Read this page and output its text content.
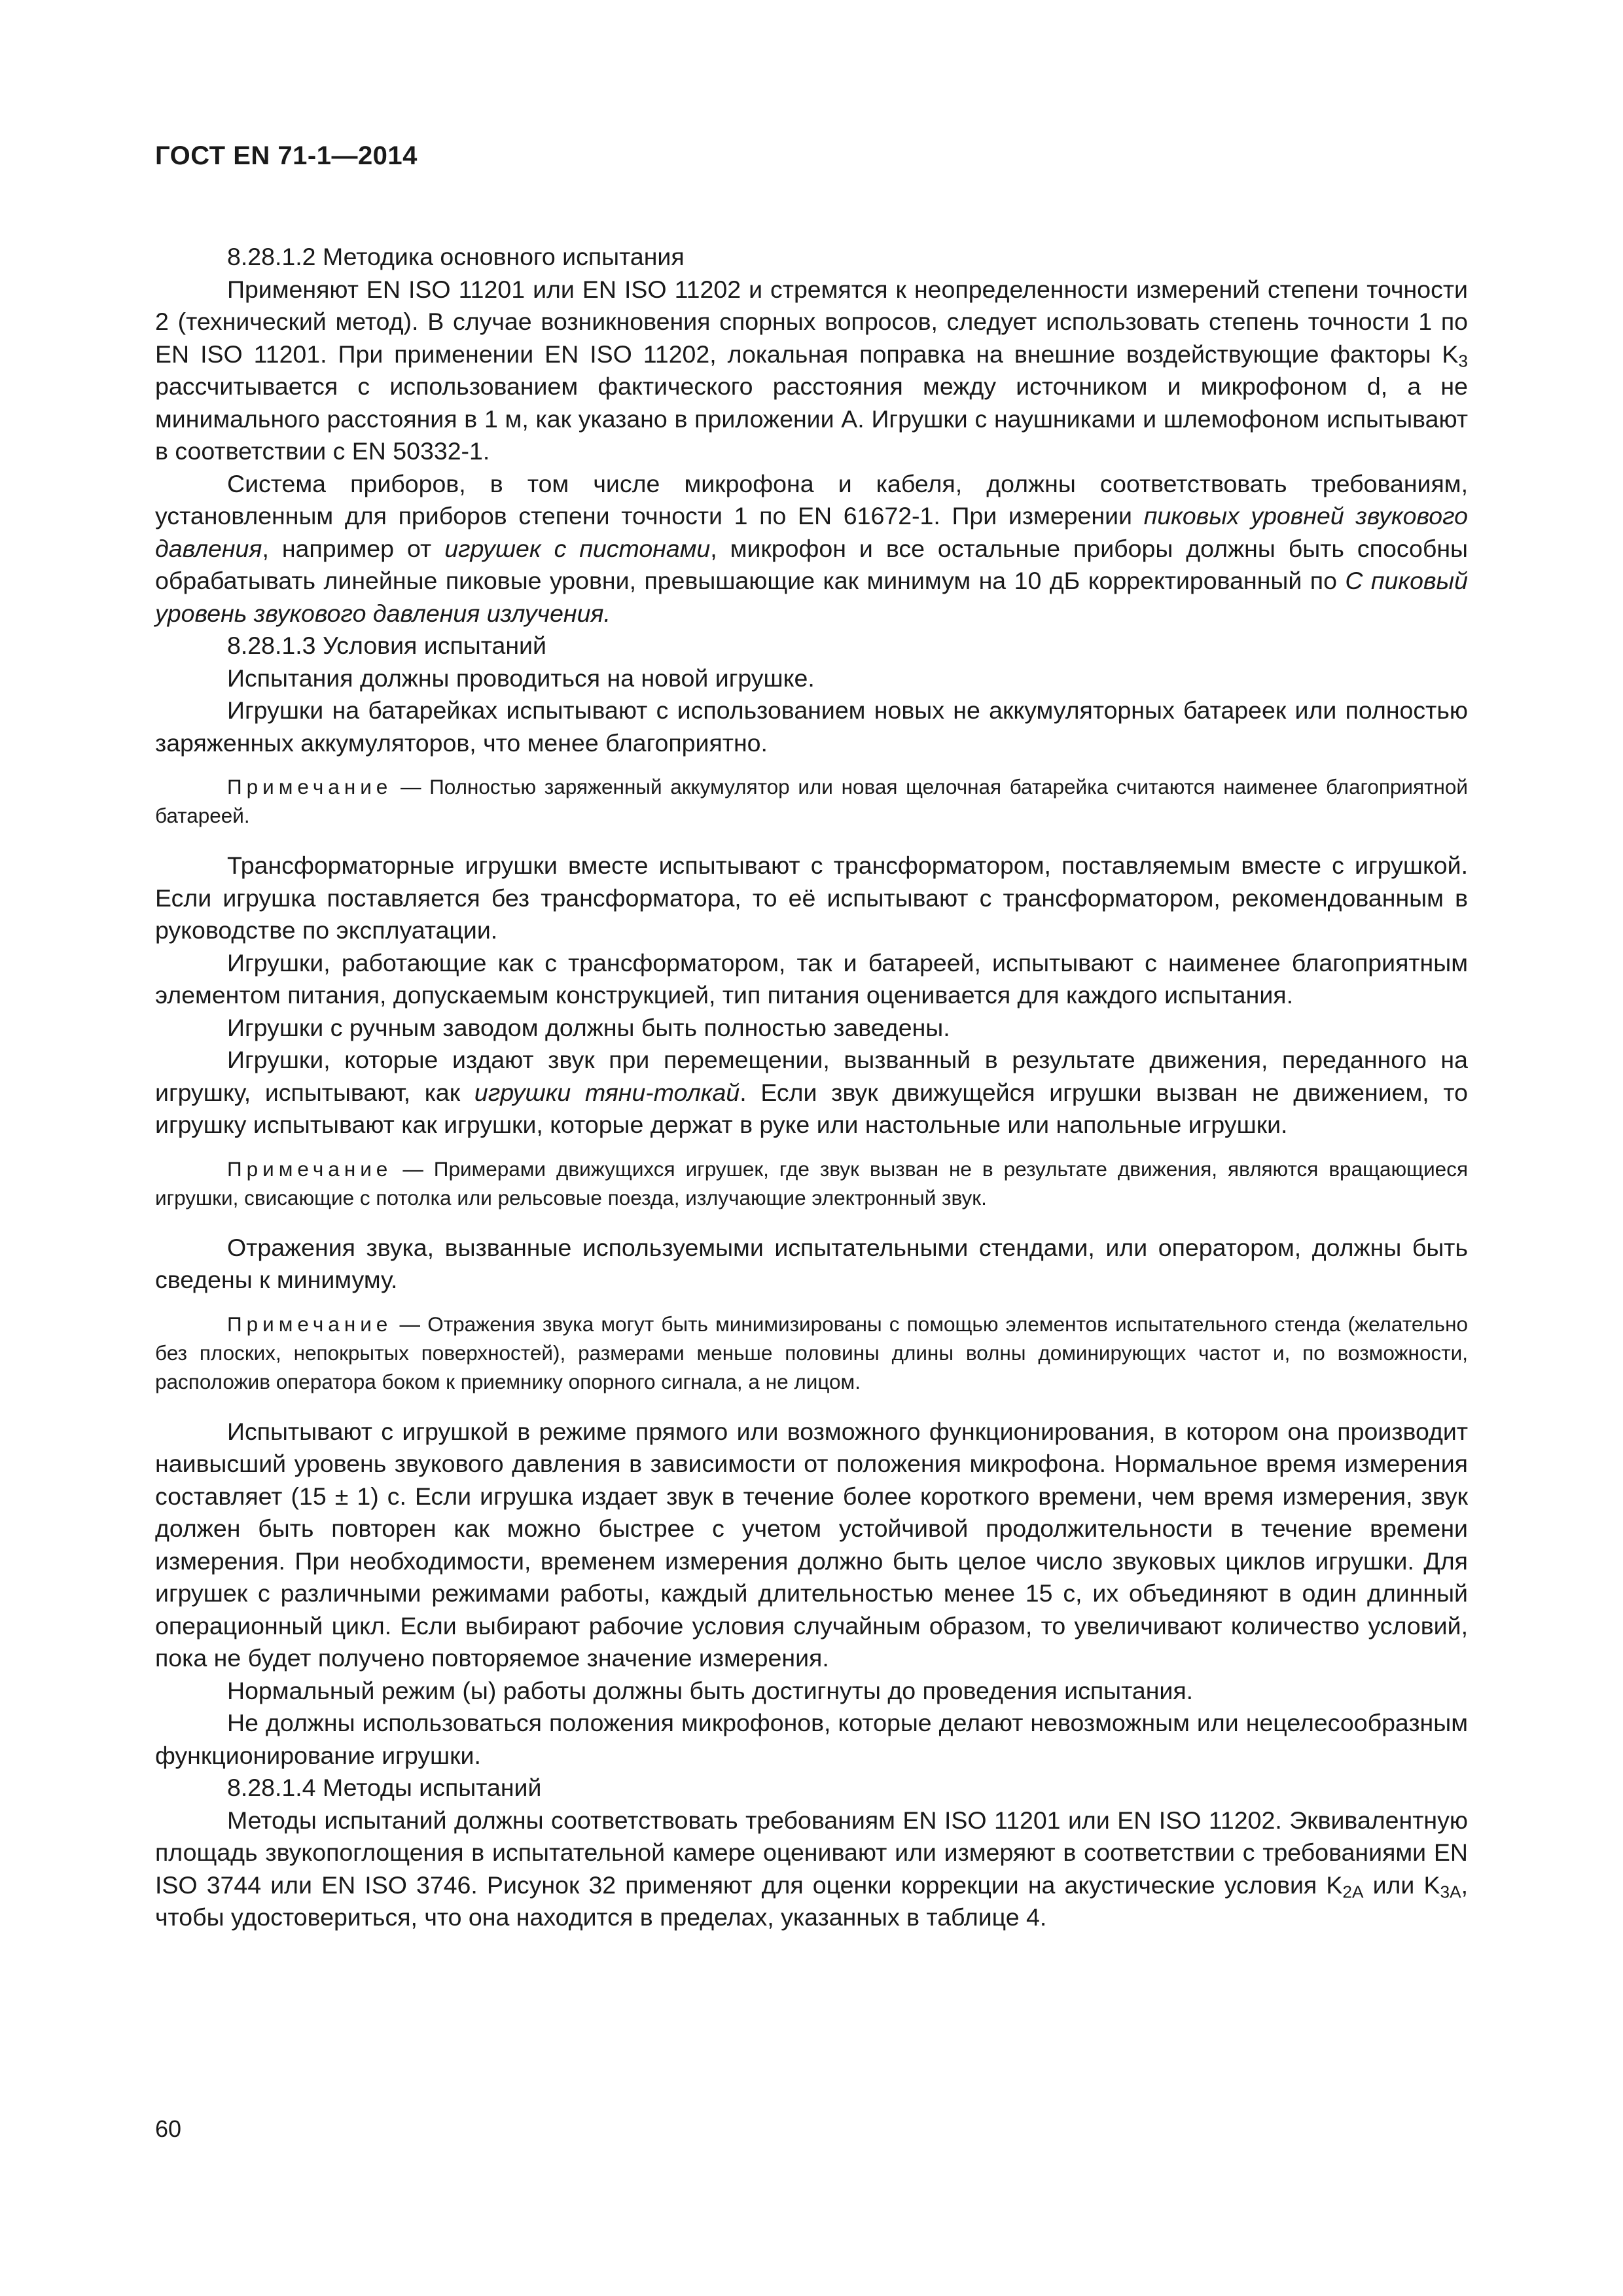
ГОСТ EN 71-1—2014

8.28.1.2 Методика основного испытания

Применяют EN ISO 11201 или EN ISO 11202 и стремятся к неопределенности измерений степени точности 2 (технический метод). В случае возникновения спорных вопросов, следует использовать степень точности 1 по EN ISO 11201. При применении EN ISO 11202, локальная поправка на внешние воздействующие факторы $K_3$ рассчитывается с использованием фактического расстояния между источником и микрофоном d, а не минимального расстояния в 1 м, как указано в приложении А. Игрушки с наушниками и шлемофоном испытывают в соответствии с EN 50332-1.

Система приборов, в том числе микрофона и кабеля, должны соответствовать требованиям, установленным для приборов степени точности 1 по EN 61672-1. При измерении пиковых уровней звукового давления, например от игрушек с пистонами, микрофон и все остальные приборы должны быть способны обрабатывать линейные пиковые уровни, превышающие как минимум на 10 дБ корректированный по С пиковый уровень звукового давления излучения.

8.28.1.3 Условия испытаний

Испытания должны проводиться на новой игрушке.

Игрушки на батарейках испытывают с использованием новых не аккумуляторных батареек или полностью заряженных аккумуляторов, что менее благоприятно.

Примечание — Полностью заряженный аккумулятор или новая щелочная батарейка считаются наименее благоприятной батареей.

Трансформаторные игрушки вместе испытывают с трансформатором, поставляемым вместе с игрушкой. Если игрушка поставляется без трансформатора, то её испытывают с трансформатором, рекомендованным в руководстве по эксплуатации.

Игрушки, работающие как с трансформатором, так и батареей, испытывают с наименее благоприятным элементом питания, допускаемым конструкцией, тип питания оценивается для каждого испытания.

Игрушки с ручным заводом должны быть полностью заведены.

Игрушки, которые издают звук при перемещении, вызванный в результате движения, переданного на игрушку, испытывают, как игрушки тяни-толкай. Если звук движущейся игрушки вызван не движением, то игрушку испытывают как игрушки, которые держат в руке или настольные или напольные игрушки.

Примечание — Примерами движущихся игрушек, где звук вызван не в результате движения, являются вращающиеся игрушки, свисающие с потолка или рельсовые поезда, излучающие электронный звук.

Отражения звука, вызванные используемыми испытательными стендами, или оператором, должны быть сведены к минимуму.

Примечание — Отражения звука могут быть минимизированы с помощью элементов испытательного стенда (желательно без плоских, непокрытых поверхностей), размерами меньше половины длины волны доминирующих частот и, по возможности, расположив оператора боком к приемнику опорного сигнала, а не лицом.

Испытывают с игрушкой в режиме прямого или возможного функционирования, в котором она производит наивысший уровень звукового давления в зависимости от положения микрофона. Нормальное время измерения составляет (15 ± 1) с. Если игрушка издает звук в течение более короткого времени, чем время измерения, звук должен быть повторен как можно быстрее с учетом устойчивой продолжительности в течение времени измерения. При необходимости, временем измерения должно быть целое число звуковых циклов игрушки. Для игрушек с различными режимами работы, каждый длительностью менее 15 с, их объединяют в один длинный операционный цикл. Если выбирают рабочие условия случайным образом, то увеличивают количество условий, пока не будет получено повторяемое значение измерения.

Нормальный режим (ы) работы должны быть достигнуты до проведения испытания.

Не должны использоваться положения микрофонов, которые делают невозможным или нецелесообразным функционирование игрушки.

8.28.1.4 Методы испытаний

Методы испытаний должны соответствовать требованиям EN ISO 11201 или EN ISO 11202. Эквивалентную площадь звукопоглощения в испытательной камере оценивают или измеряют в соответствии с требованиями EN ISO 3744 или EN ISO 3746. Рисунок 32 применяют для оценки коррекции на акустические условия $K_{2A}$ или $K_{3A}$, чтобы удостовериться, что она находится в пределах, указанных в таблице 4.

60
